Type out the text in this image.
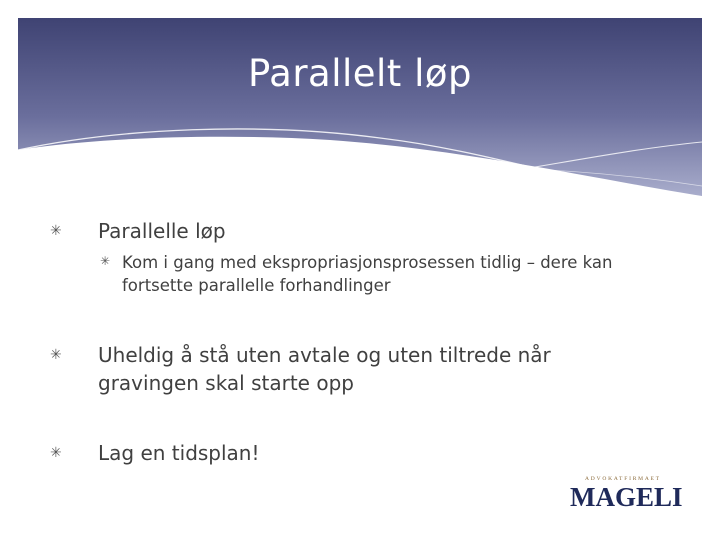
Parallelt løp
✳ Parallelle løp
✳ Kom i gang med ekspropriasjonsprosessen tidlig – dere kan fortsette parallelle forhandlinger
✳ Uheldig å stå uten avtale og uten tiltrede når gravingen skal starte opp
✳ Lag en tidsplan!
ADVOKATFIRMAET
MAGELI
